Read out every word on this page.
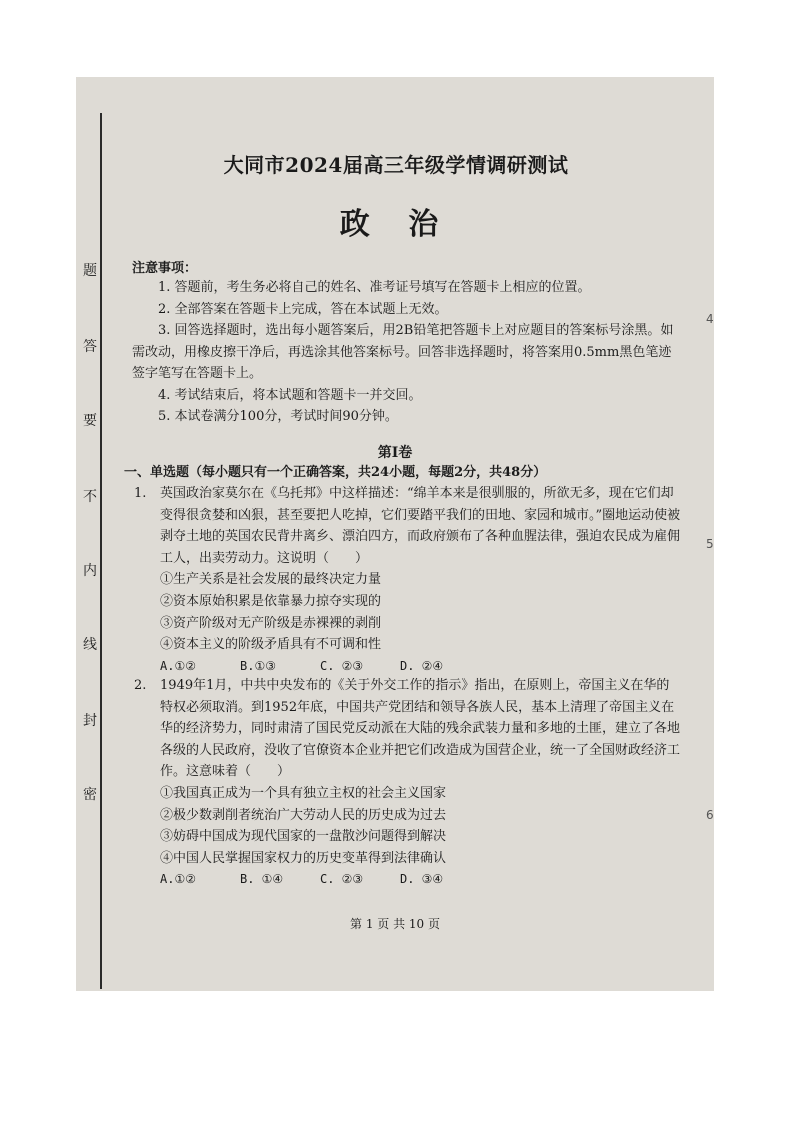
题
答
要
不
内
线
封
密
大同市2024届高三年级学情调研测试
政 治
注意事项：

1. 答题前，考生务必将自己的姓名、准考证号填写在答题卡上相应的位置。

2. 全部答案在答题卡上完成，答在本试题上无效。

3. 回答选择题时，选出每小题答案后，用2B铅笔把答题卡上对应题目的答案标号涂黑。如需改动，用橡皮擦干净后，再选涂其他答案标号。回答非选择题时，将答案用0.5mm黑色笔迹签字笔写在答题卡上。

4. 考试结束后，将本试题和答题卡一并交回。

5. 本试卷满分100分，考试时间90分钟。

第Ⅰ卷
一、单选题（每小题只有一个正确答案，共24小题，每题2分，共48分）
1. 英国政治家莫尔在《乌托邦》中这样描述：“绵羊本来是很驯服的，所欲无多，现在它们却变得很贪婪和凶狠，甚至要把人吃掉，它们要踏平我们的田地、家园和城市。”圈地运动使被剥夺土地的英国农民背井离乡、漂泊四方，而政府颁布了各种血腥法律，强迫农民成为雇佣工人，出卖劳动力。这说明（　　）
①生产关系是社会发展的最终决定力量
②资本原始积累是依靠暴力掠夺实现的
③资产阶级对无产阶级是赤裸裸的剥削
④资本主义的阶级矛盾具有不可调和性
A.①②	B.①③	C. ②③	D. ②④
2. 1949年1月，中共中央发布的《关于外交工作的指示》指出，在原则上，帝国主义在华的特权必须取消。到1952年底，中国共产党团结和领导各族人民，基本上清理了帝国主义在华的经济势力，同时肃清了国民党反动派在大陆的残余武装力量和多地的土匪，建立了各地各级的人民政府，没收了官僚资本企业并把它们改造成为国营企业，统一了全国财政经济工作。这意味着（　　）
①我国真正成为一个具有独立主权的社会主义国家
②极少数剥削者统治广大劳动人民的历史成为过去
③妨碍中国成为现代国家的一盘散沙问题得到解决
④中国人民掌握国家权力的历史变革得到法律确认
A.①②	B. ①④	C. ②③	D. ③④
第 1 页 共 10 页
4
5
6
